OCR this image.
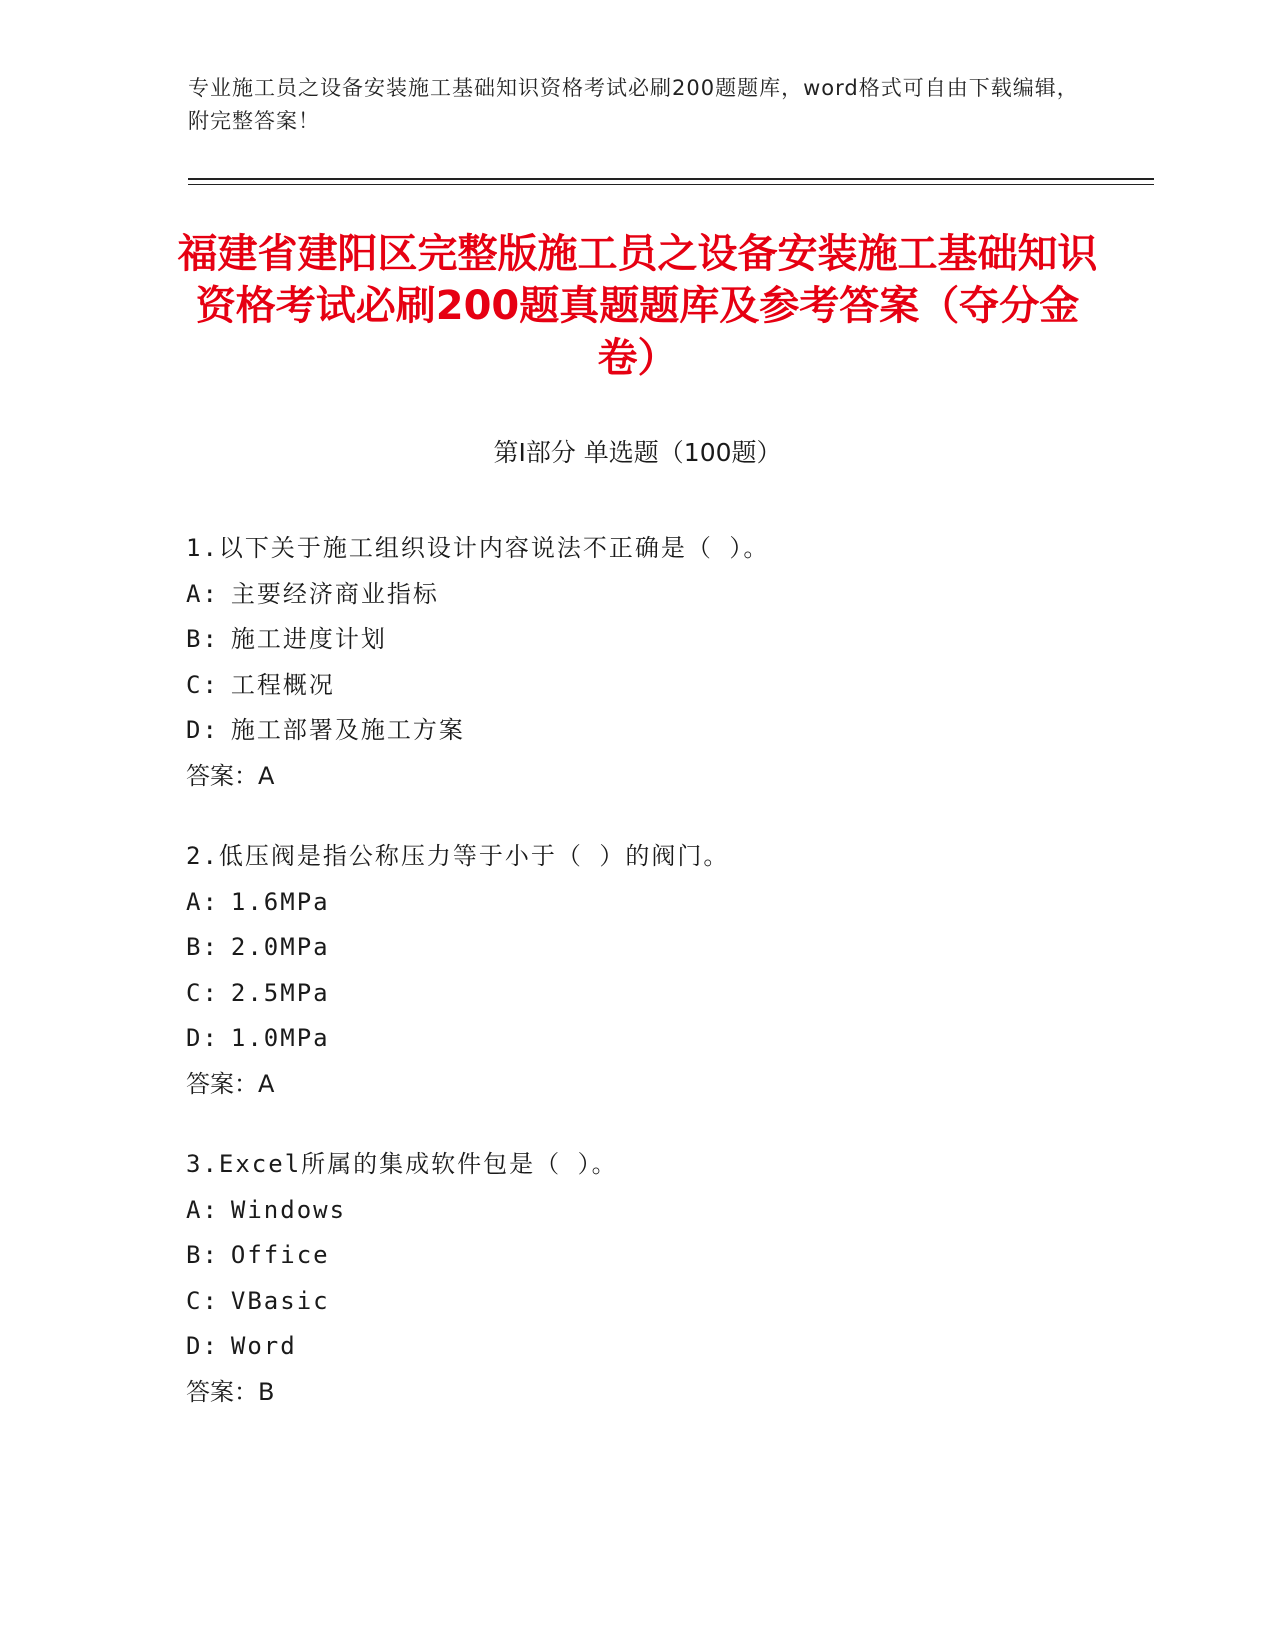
专业施工员之设备安装施工基础知识资格考试必刷200题题库，word格式可自由下载编辑，附完整答案！
福建省建阳区完整版施工员之设备安装施工基础知识资格考试必刷200题真题题库及参考答案（夺分金卷）
第Ⅰ部分 单选题（100题）
1.以下关于施工组织设计内容说法不正确是（ ）。
A: 主要经济商业指标
B: 施工进度计划
C: 工程概况
D: 施工部署及施工方案
答案：A
2.低压阀是指公称压力等于小于（ ）的阀门。
A: 1.6MPa
B: 2.0MPa
C: 2.5MPa
D: 1.0MPa
答案：A
3.Excel所属的集成软件包是（ ）。
A: Windows
B: Office
C: VBasic
D: Word
答案：B
